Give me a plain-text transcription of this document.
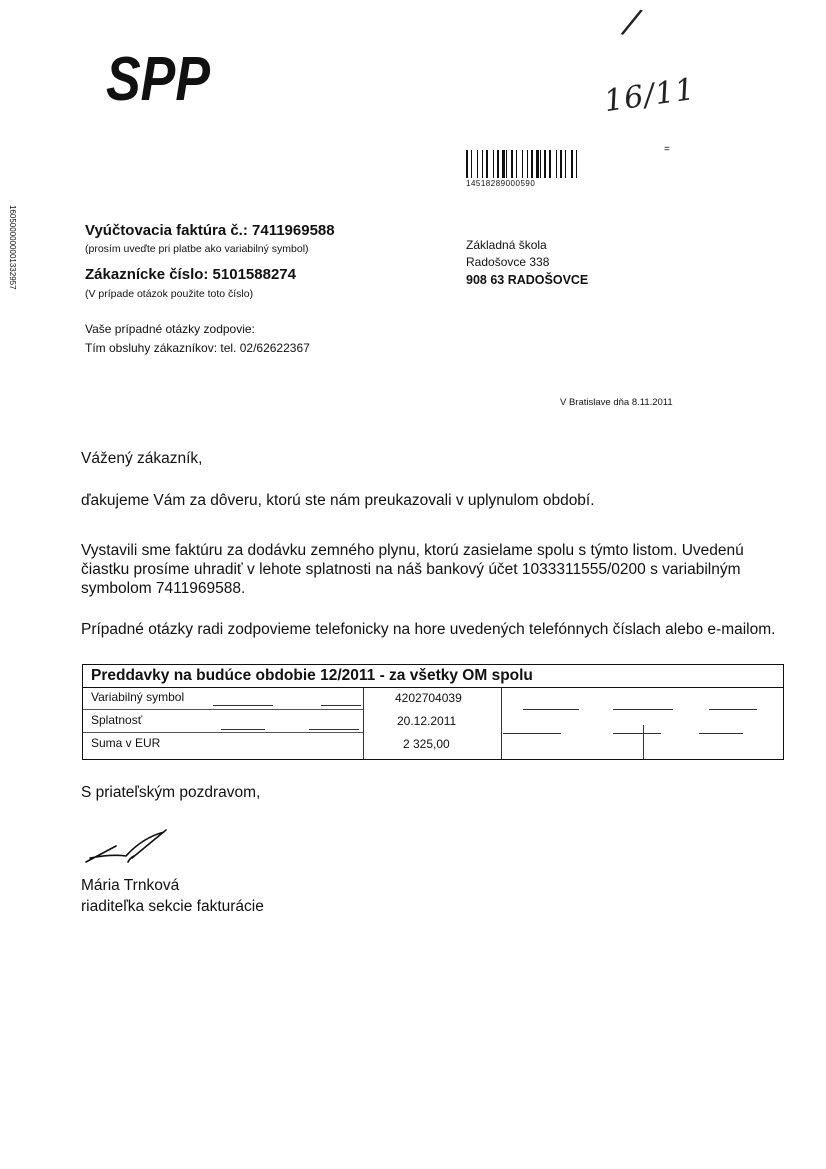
SPP
/
16/11
=
14518289000590
1605000000001332957	Vyúčtovacia faktúra č.: 7411969588
(prosím uveďte pri platbe ako variabilný symbol)
Zákaznícke číslo: 5101588274
(V prípade otázok použite toto číslo)
Vaše prípadné otázky zodpovie:
Tím obsluhy zákazníkov: tel. 02/62622367
Základná škola
Radošovce 338
908 63 RADOŠOVCE
V Bratislave dňa 8.11.2011
Vážený zákazník,
ďakujeme Vám za dôveru, ktorú ste nám preukazovali v uplynulom období.
Vystavili sme faktúru za dodávku zemného plynu, ktorú zasielame spolu s týmto listom. Uvedenú čiastku prosíme uhradiť v lehote splatnosti na náš bankový účet 1033311555/0200 s variabilným symbolom 7411969588.
Prípadné otázky radi zodpovieme telefonicky na hore uvedených telefónnych číslach alebo e-mailom.
Preddavky na budúce obdobie 12/2011 - za všetky OM spolu
Variabilný symbol
Splatnosť
Suma v EUR
4202704039
20.12.2011
2 325,00
S priateľským pozdravom,
Mária Trnková
riaditeľka sekcie fakturácie
